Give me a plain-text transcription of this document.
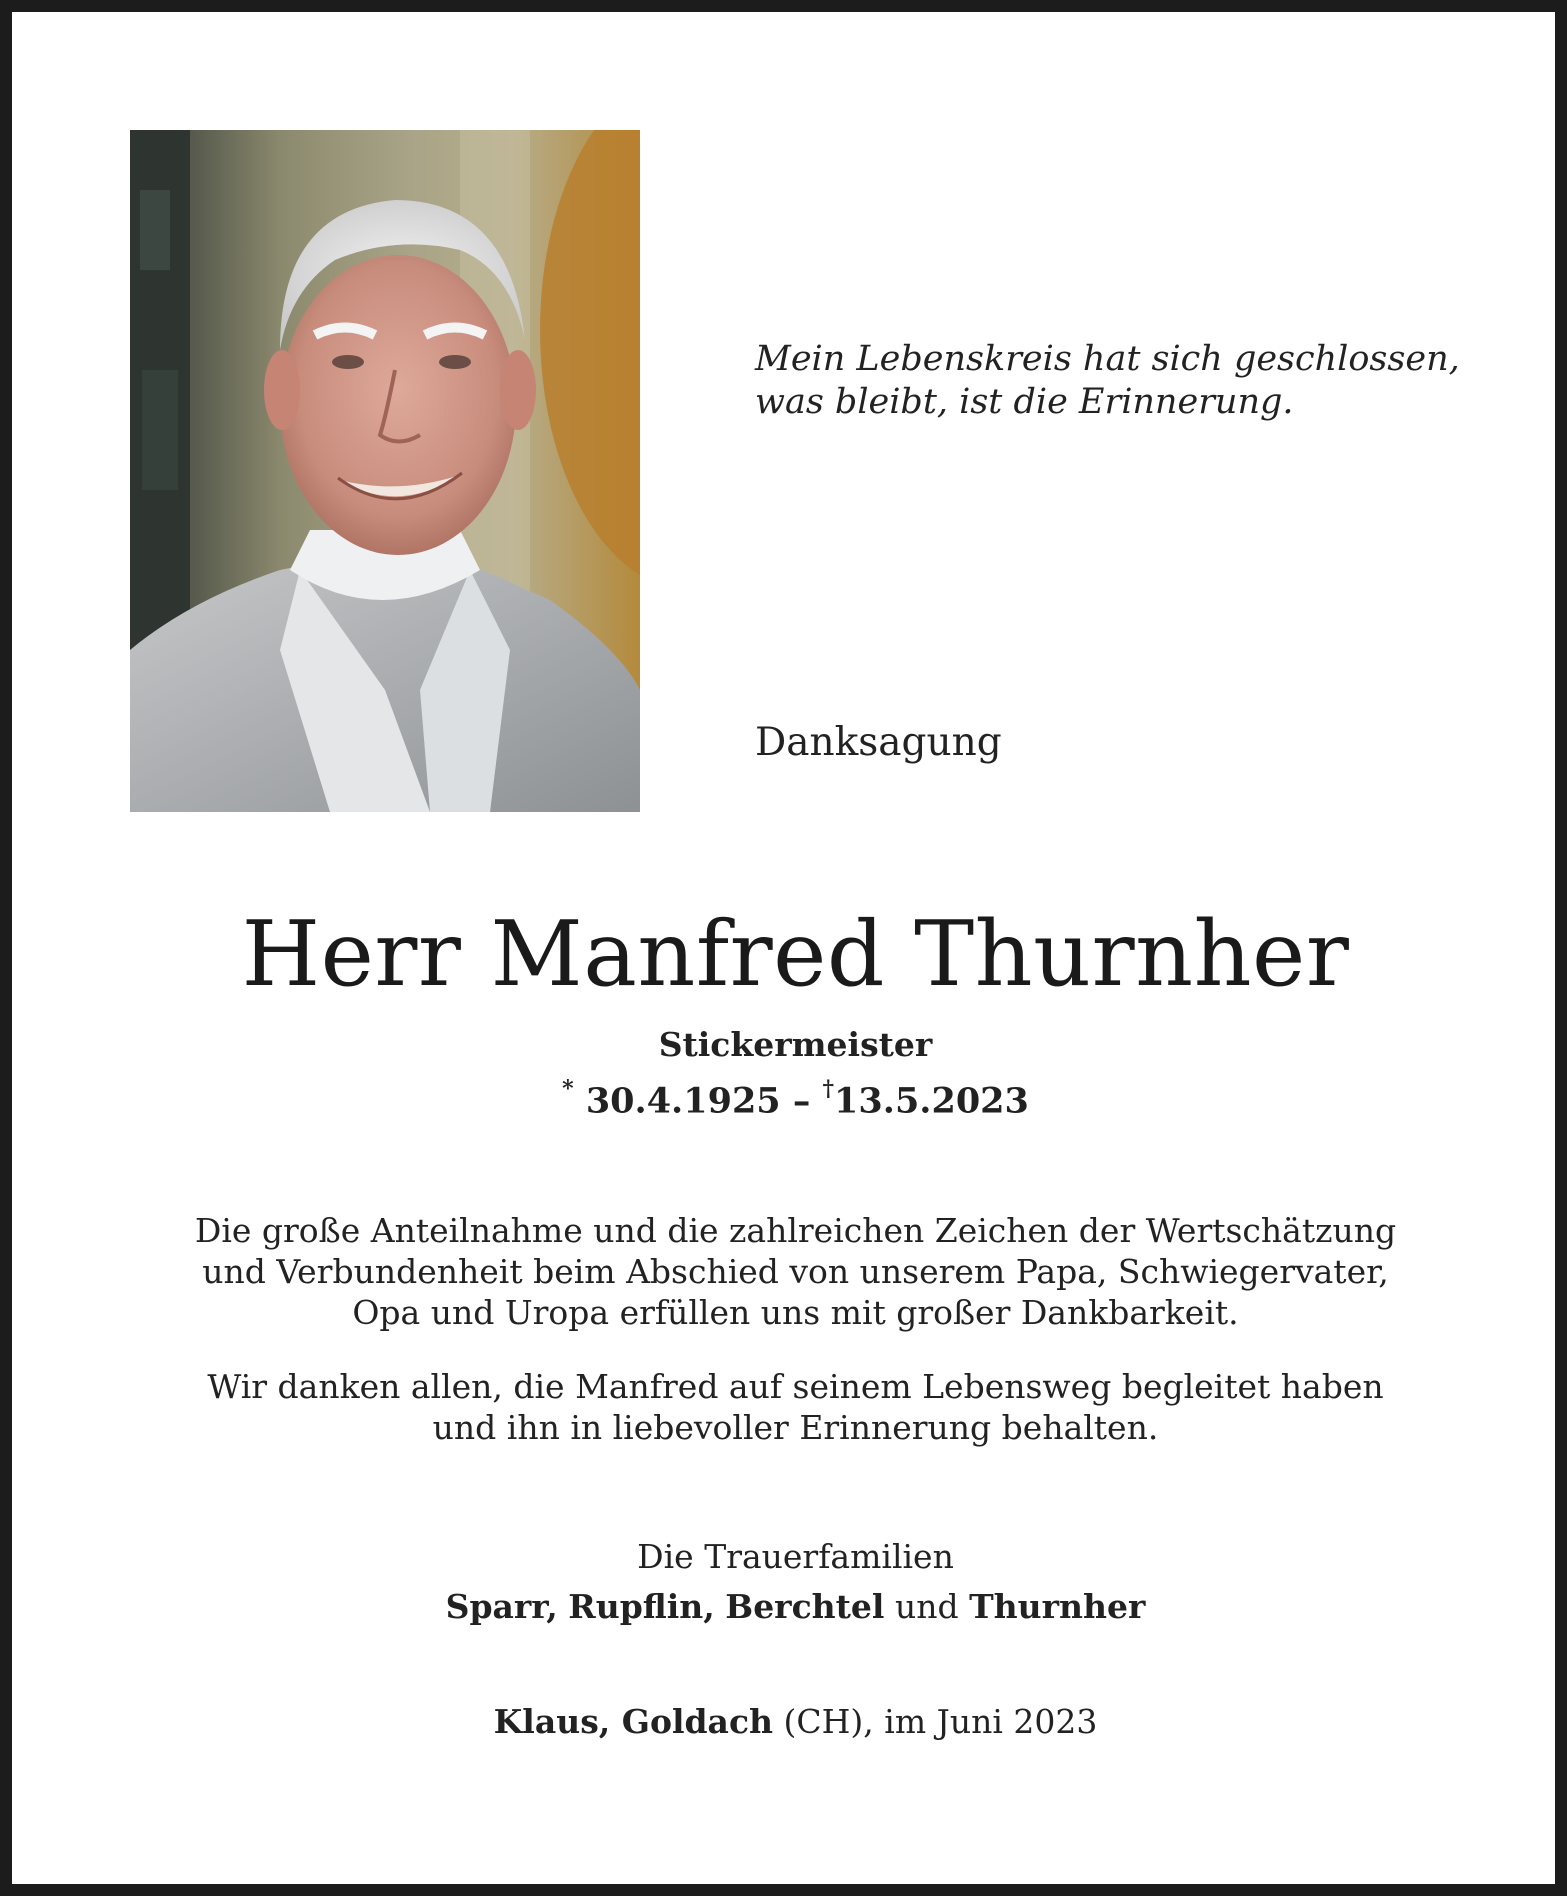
Mein Lebenskreis hat sich geschlossen,
was bleibt, ist die Erinnerung.
Danksagung
Herr Manfred Thurnher
Stickermeister
* 30.4.1925 – †13.5.2023
Die große Anteilnahme und die zahlreichen Zeichen der Wertschätzung
und Verbundenheit beim Abschied von unserem Papa, Schwiegervater,
Opa und Uropa erfüllen uns mit großer Dankbarkeit.
Wir danken allen, die Manfred auf seinem Lebensweg begleitet haben
und ihn in liebevoller Erinnerung behalten.
Die Trauerfamilien
Sparr, Rupflin, Berchtel und Thurnher
Klaus, Goldach (CH), im Juni 2023
